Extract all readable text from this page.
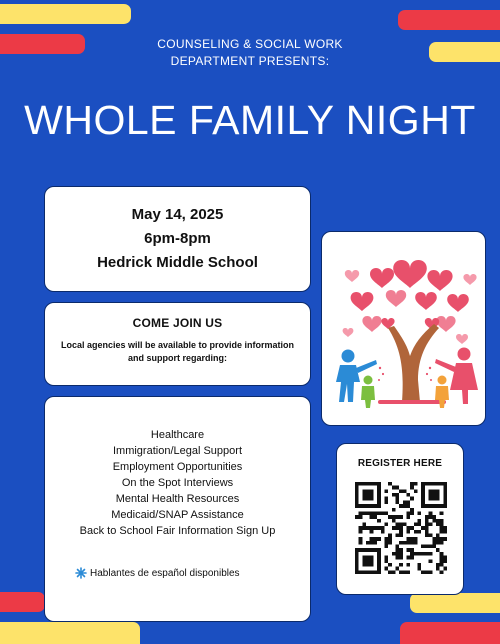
COUNSELING & SOCIAL WORK
DEPARTMENT PRESENTS:
WHOLE FAMILY NIGHT
May 14, 2025
6pm-8pm
Hedrick Middle School
COME JOIN US
Local agencies will be available to provide information and support regarding:
Healthcare
Immigration/Legal Support
Employment Opportunities
On the Spot Interviews
Mental Health Resources
Medicaid/SNAP Assistance
Back to School Fair Information Sign Up
Hablantes de español disponibles
REGISTER HERE
